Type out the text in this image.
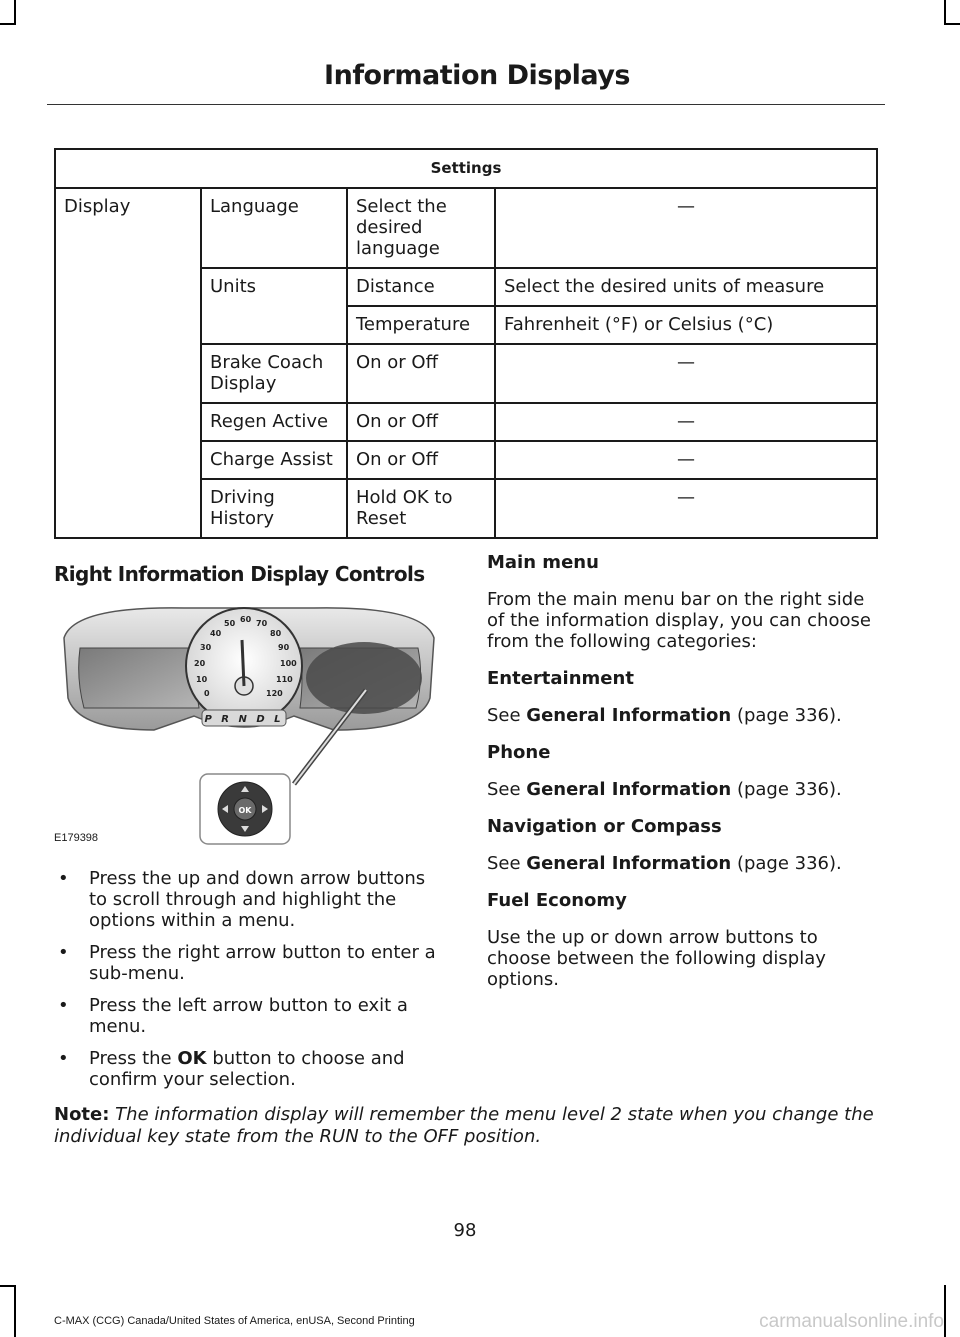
Information Displays
Settings			
Display	Language	Select the desired language	—
	Units	Distance	Select the desired units of measure
		Temperature	Fahrenheit (°F) or Celsius (°C)
	Brake Coach Display	On or Off	—
	Regen Active	On or Off	—
	Charge Assist	On or Off	—
	Driving History	Hold OK to Reset	—
Right Information Display Controls
0
10
20
30
40
50 60 70
80
90
100
110
120
P R N D L
OK
E179398
• Press the up and down arrow buttons to scroll through and highlight the options within a menu.
• Press the right arrow button to enter a sub-menu.
• Press the left arrow button to exit a menu.
• Press the OK button to choose and confirm your selection.

Main menu

From the main menu bar on the right side of the information display, you can choose from the following categories:

Entertainment

See General Information (page 336).

Phone

See General Information (page 336).

Navigation or Compass

See General Information (page 336).

Fuel Economy

Use the up or down arrow buttons to choose between the following display options.

Note: The information display will remember the menu level 2 state when you change the individual key state from the RUN to the OFF position.
98
C-MAX (CCG) Canada/United States of America, enUSA, Second Printing	carmanualsonline.info
